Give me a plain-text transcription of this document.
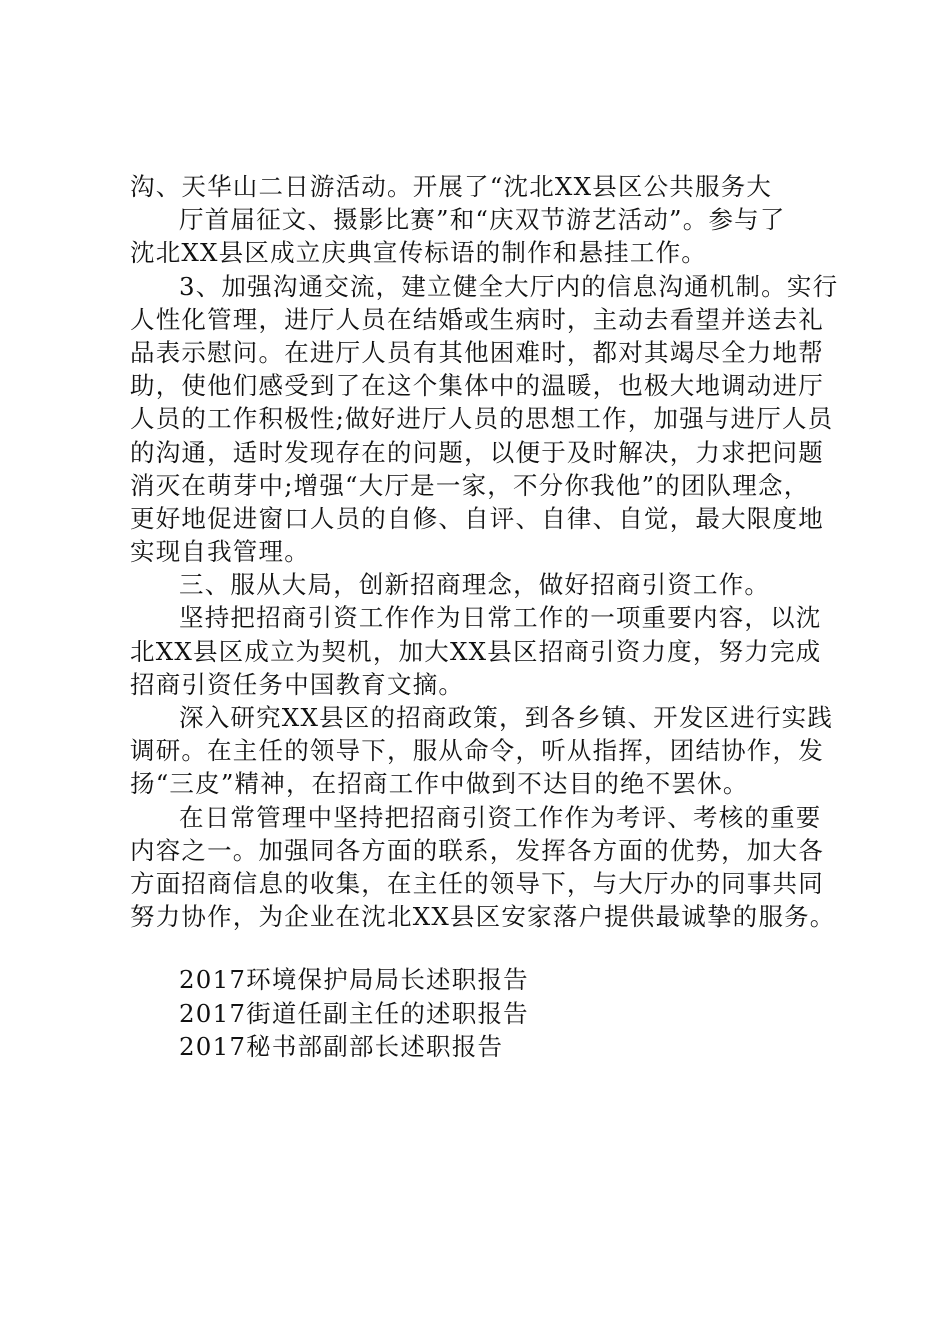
沟、天华山二日游活动。开展了“沈北XX县区公共服务大
厅首届征文、摄影比赛”和“庆双节游艺活动”。参与了
沈北XX县区成立庆典宣传标语的制作和悬挂工作。
3、加强沟通交流，建立健全大厅内的信息沟通机制。实行
人性化管理，进厅人员在结婚或生病时，主动去看望并送去礼
品表示慰问。在进厅人员有其他困难时，都对其竭尽全力地帮
助，使他们感受到了在这个集体中的温暖，也极大地调动进厅
人员的工作积极性;做好进厅人员的思想工作，加强与进厅人员
的沟通，适时发现存在的问题，以便于及时解决，力求把问题
消灭在萌芽中;增强“大厅是一家，不分你我他”的团队理念，
更好地促进窗口人员的自修、自评、自律、自觉，最大限度地
实现自我管理。
三、服从大局，创新招商理念，做好招商引资工作。
坚持把招商引资工作作为日常工作的一项重要内容，以沈
北XX县区成立为契机，加大XX县区招商引资力度，努力完成
招商引资任务中国教育文摘。
深入研究XX县区的招商政策，到各乡镇、开发区进行实践
调研。在主任的领导下，服从命令，听从指挥，团结协作，发
扬“三皮”精神，在招商工作中做到不达目的绝不罢休。
在日常管理中坚持把招商引资工作作为考评、考核的重要
内容之一。加强同各方面的联系，发挥各方面的优势，加大各
方面招商信息的收集，在主任的领导下，与大厅办的同事共同
努力协作，为企业在沈北XX县区安家落户提供最诚挚的服务。
2017环境保护局局长述职报告
2017街道任副主任的述职报告
2017秘书部副部长述职报告
